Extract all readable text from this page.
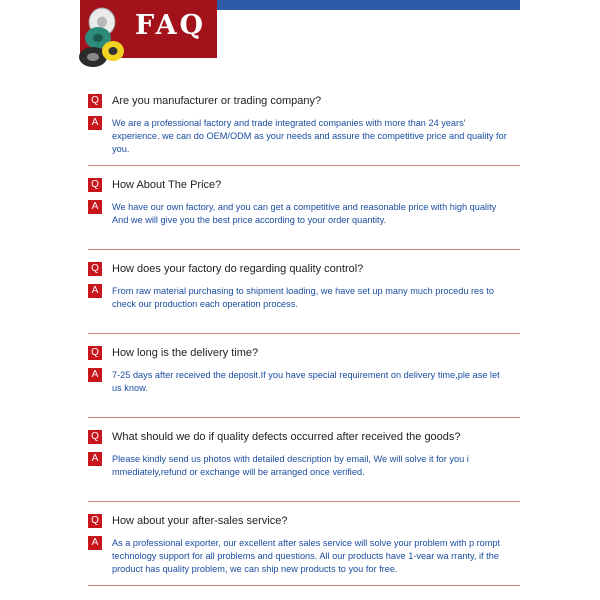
FAQ
Q Are you manufacturer or trading company?
A	We are a professional factory and trade integrated companies with more than 24 years' experience. we can do OEM/ODM as your needs and assure the competitive price and quality for you.
Q How About The Price?
A	We have our own factory, and you can get a competitive and reasonable price with high quality And we will give you the best price according to your order quantity.
Q How does your factory do regarding quality control?
A	From raw material purchasing to shipment loading, we have set up many much procedu res to check our production each operation process.
Q How long is the delivery time?
A	7-25 days after received the deposit.If you have special requirement on delivery time,ple ase let us know.
Q What should we do if quality defects occurred after received the goods?
A	Please kindly send us photos with detailed description by email, We will solve it for you i mmediately,refund or exchange will be arranged once verified.
Q How about your after-sales service?
A	As a professional exporter, our excellent after sales service will solve your problem with p rompt technology support for all problems and questions. All our products have 1-vear wa rranty, if the product has quality problem, we can ship new products to you for free.
